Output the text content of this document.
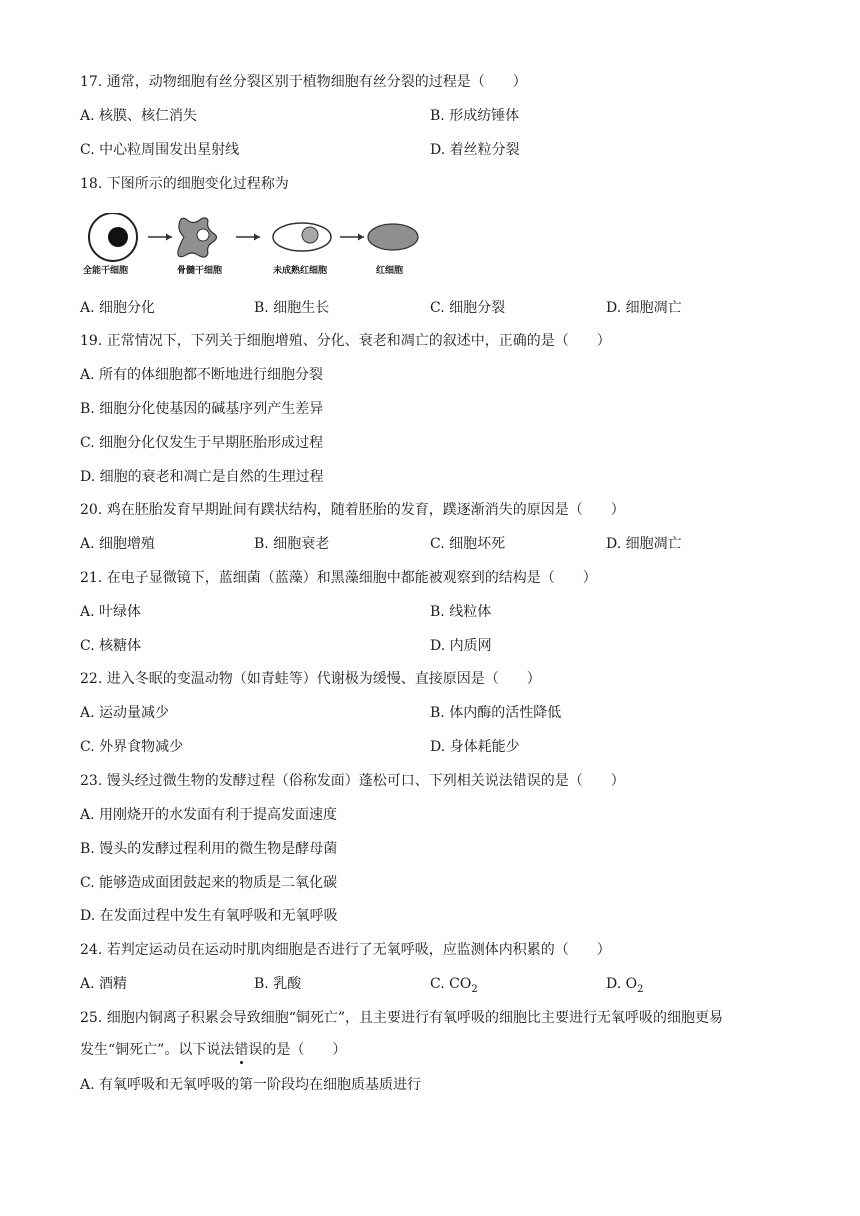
17. 通常，动物细胞有丝分裂区别于植物细胞有丝分裂的过程是（　　）
A. 核膜、核仁消失	B. 形成纺锤体
C. 中心粒周围发出星射线	D. 着丝粒分裂
18. 下图所示的细胞变化过程称为
全能干细胞	骨髓干细胞	未成熟红细胞	红细胞
A. 细胞分化	B. 细胞生长	C. 细胞分裂	D. 细胞凋亡
19. 正常情况下，下列关于细胞增殖、分化、衰老和凋亡的叙述中，正确的是（　　）
A. 所有的体细胞都不断地进行细胞分裂
B. 细胞分化使基因的碱基序列产生差异
C. 细胞分化仅发生于早期胚胎形成过程
D. 细胞的衰老和凋亡是自然的生理过程
20. 鸡在胚胎发育早期趾间有蹼状结构，随着胚胎的发育，蹼逐渐消失的原因是（　　）
A. 细胞增殖	B. 细胞衰老	C. 细胞坏死	D. 细胞凋亡
21. 在电子显微镜下，蓝细菌（蓝藻）和黑藻细胞中都能被观察到的结构是（　　）
A. 叶绿体	B. 线粒体
C. 核糖体	D. 内质网
22. 进入冬眠的变温动物（如青蛙等）代谢极为缓慢、直接原因是（　　）
A. 运动量减少	B. 体内酶的活性降低
C. 外界食物减少	D. 身体耗能少
23. 馒头经过微生物的发酵过程（俗称发面）蓬松可口、下列相关说法错误的是（　　）
A. 用刚烧开的水发面有利于提高发面速度
B. 馒头的发酵过程利用的微生物是酵母菌
C. 能够造成面团鼓起来的物质是二氧化碳
D. 在发面过程中发生有氧呼吸和无氧呼吸
24. 若判定运动员在运动时肌肉细胞是否进行了无氧呼吸，应监测体内积累的（　　）
A. 酒精	B. 乳酸	C. $CO_2$	D. $O_2$
25. 细胞内铜离子积累会导致细胞“铜死亡”，且主要进行有氧呼吸的细胞比主要进行无氧呼吸的细胞更易
发生“铜死亡”。以下说法错误的是（　　）
A. 有氧呼吸和无氧呼吸的第一阶段均在细胞质基质进行
